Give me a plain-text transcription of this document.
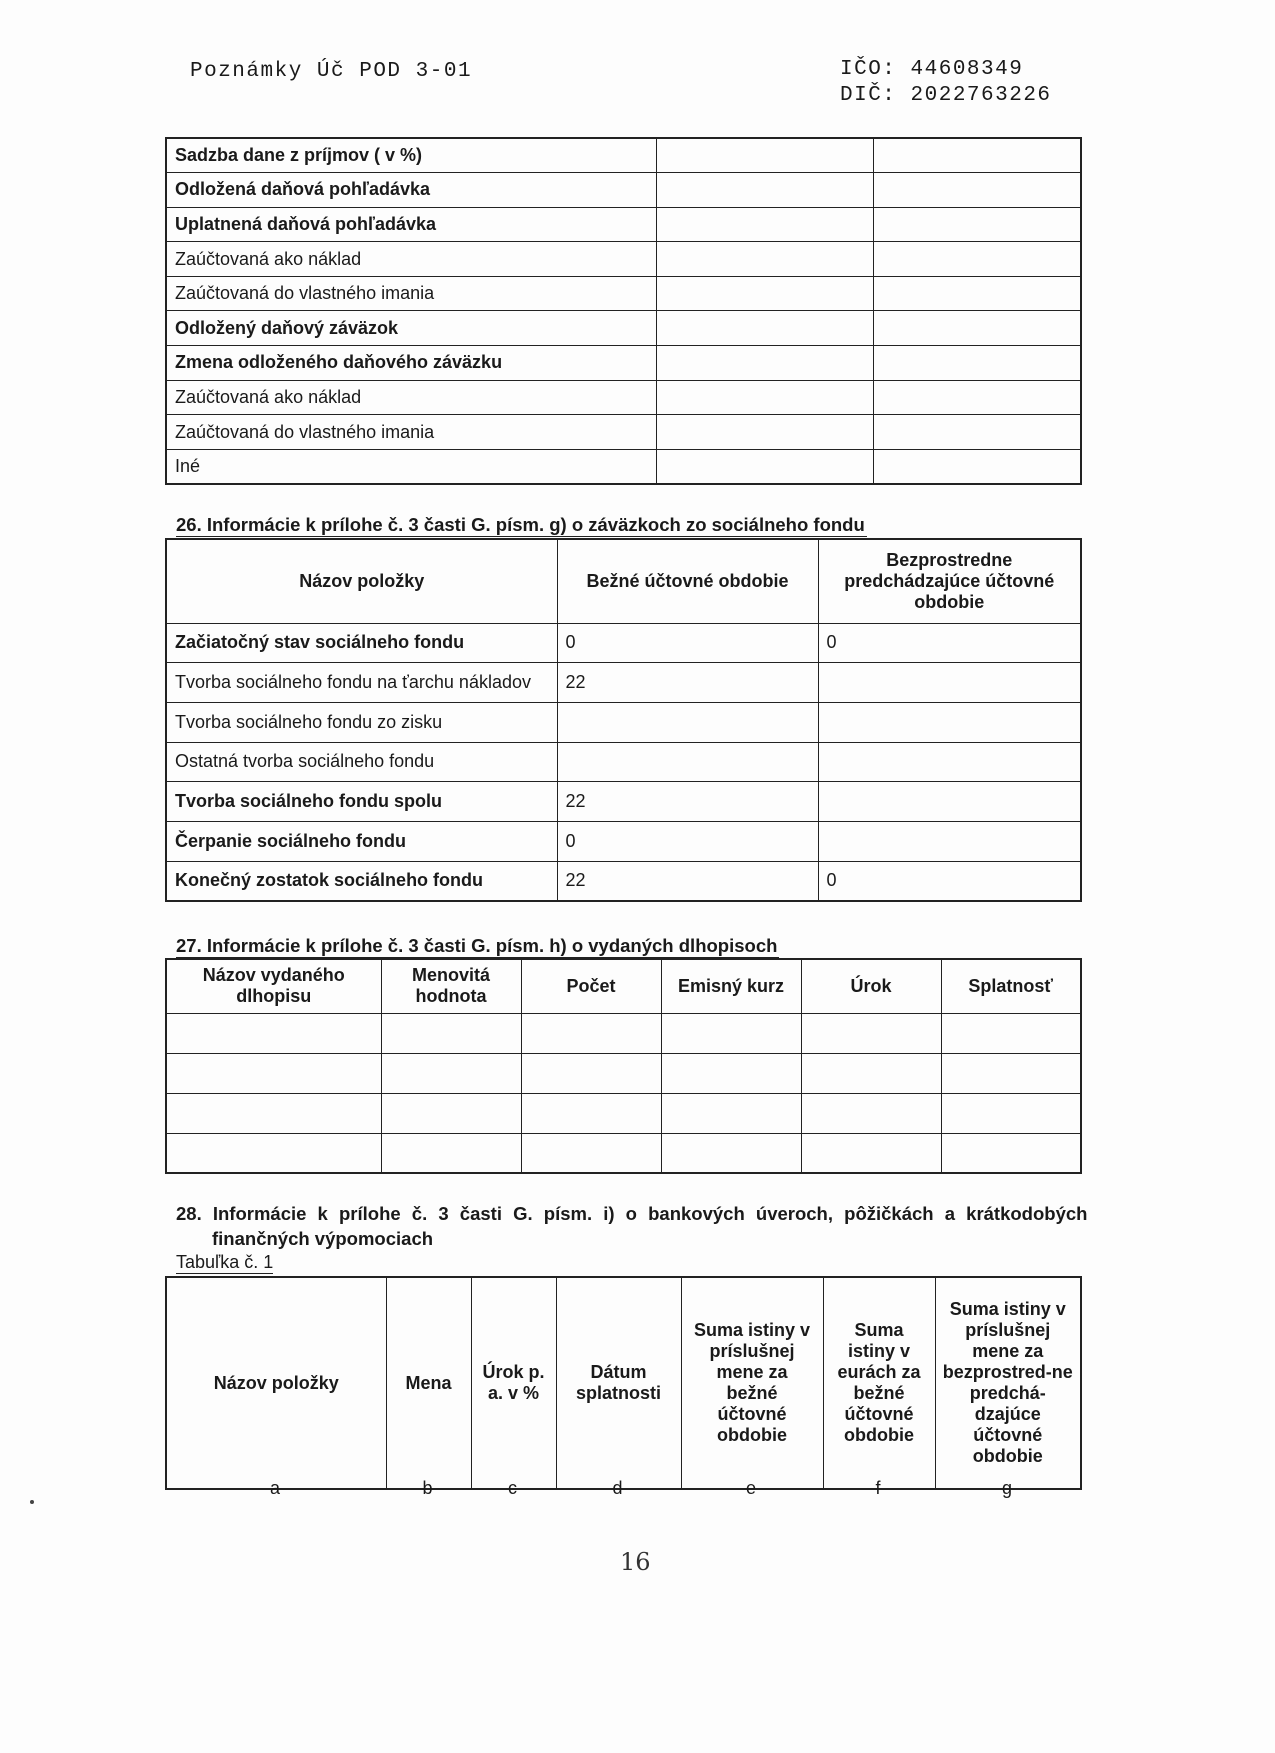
Poznámky Úč POD 3-01	IČO: 44608349
DIČ: 2022763226
Sadzba dane z príjmov ( v %)		
Odložená daňová pohľadávka		
Uplatnená daňová pohľadávka		
Zaúčtovaná ako náklad		
Zaúčtovaná do vlastného imania		
Odložený daňový záväzok		
Zmena odloženého daňového záväzku		
Zaúčtovaná ako náklad		
Zaúčtovaná do vlastného imania		
Iné		
26. Informácie k prílohe č. 3 časti G. písm. g) o záväzkoch zo sociálneho fondu
Názov položky	Bežné účtovné obdobie	Bezprostredne predchádzajúce účtovné obdobie
Začiatočný stav sociálneho fondu	0	0
Tvorba sociálneho fondu na ťarchu nákladov	22	
Tvorba sociálneho fondu zo zisku		
Ostatná tvorba sociálneho fondu		
Tvorba sociálneho fondu spolu	22	
Čerpanie sociálneho fondu	0	
Konečný zostatok sociálneho fondu	22	0
27. Informácie k prílohe č. 3 časti G. písm. h) o vydaných dlhopisoch
Názov vydaného dlhopisu	Menovitá hodnota	Počet	Emisný kurz	Úrok	Splatnosť

28. Informácie k prílohe č. 3 časti G. písm. i) o bankových úveroch, pôžičkách a krátkodobých
finančných výpomociach
Tabuľka č. 1
Názov položky	Mena	Úrok p. a. v %	Dátum splatnosti	Suma istiny v príslušnej mene za bežné účtovné obdobie	Suma istiny v eurách za bežné účtovné obdobie	Suma istiny v príslušnej mene za bezprostred-ne predchá-dzajúce účtovné obdobie
a	b	c	d	e	f	g
16
